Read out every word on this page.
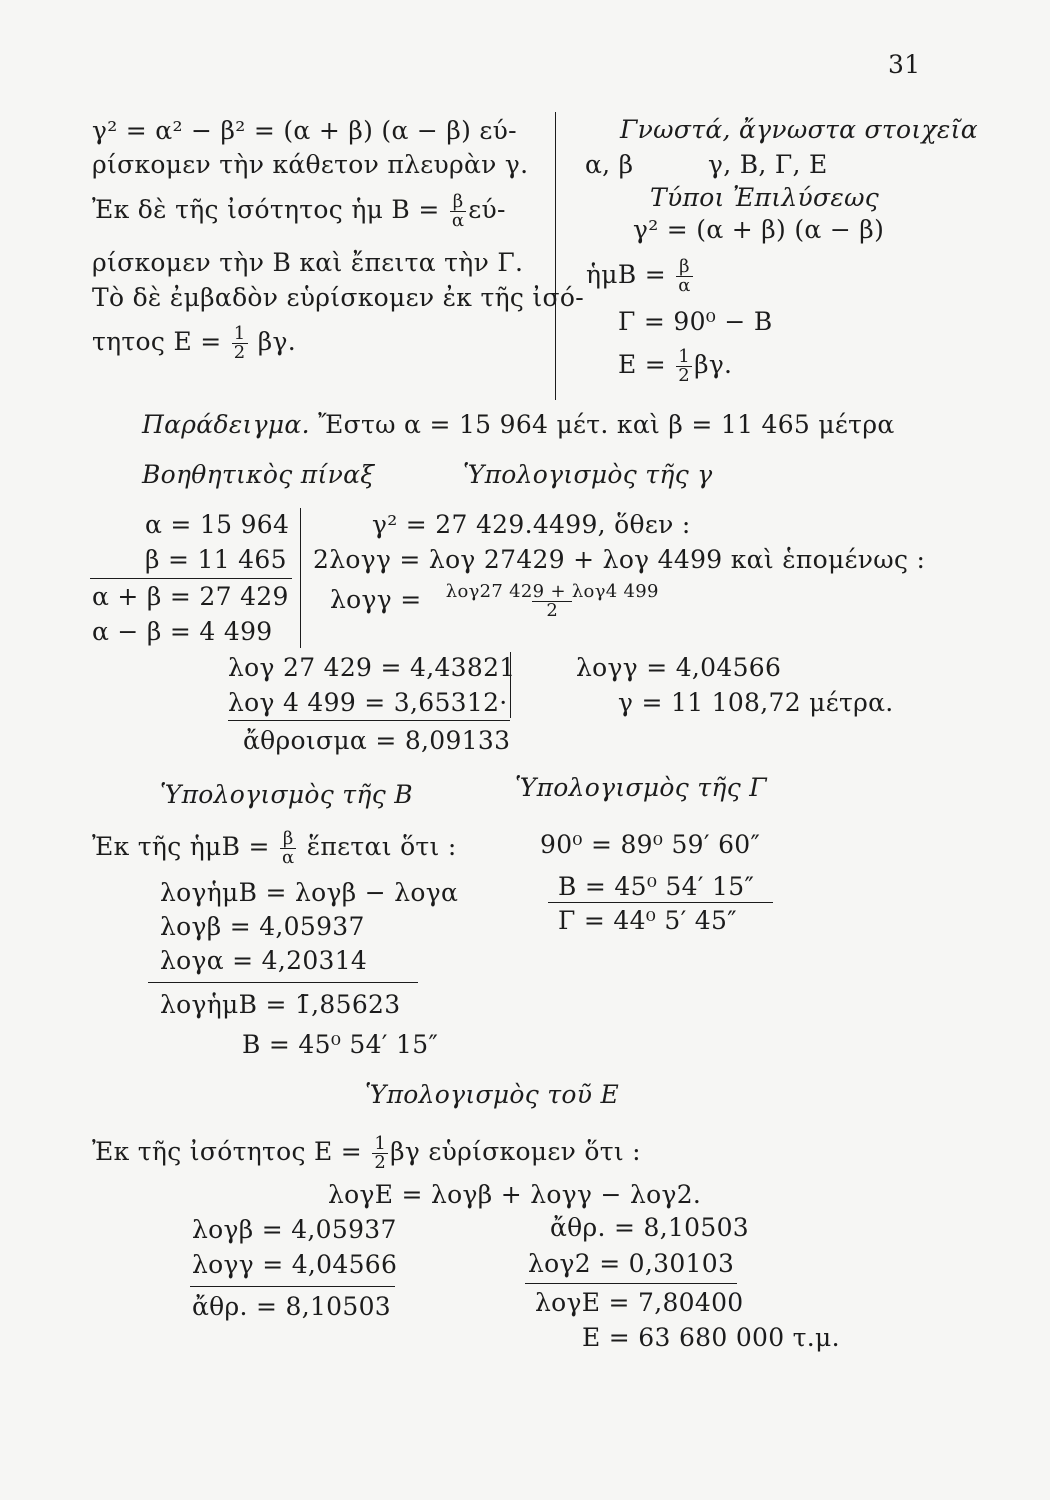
31
γ² = α² − β² = (α + β) (α − β) εύ-
ρίσκομεν τὴν κάθετον πλευρὰν γ.
Ἐκ δὲ τῆς ἰσότητος ἡμ $B = \frac{\beta}{\alpha} \varepsilon ύ-$
ρίσκομεν τὴν Β καὶ ἔπειτα τὴν Γ.
Τὸ δὲ ἐμβαδὸν εὑρίσκομεν ἐκ τῆς ἰσό-
τητος $E = \frac{1}{2} \beta\gamma$.
Γνωστά, ἄγνωστα στοιχεῖα
α, β	γ, Β, Γ, Ε
Τύποι Ἐπιλύσεως
γ² = (α + β) (α − β)
ἡμΒ = $\frac{\beta}{\alpha}$
Γ = 90⁰ − Β
$E = \frac{1}{2} \beta\gamma$.
Παράδειγμα. Ἔστω α = 15 964 μέτ. καὶ β = 11 465 μέτρα
Βοηθητικὸς πίναξ	Ὑπολογισμὸς τῆς γ
α = 15 964
β = 11 465
α + β = 27 429
α − β = 4 499
γ² = 27 429.4499, ὅθεν :
2λογγ = λογ 27429 + λογ 4499 καὶ ἑπομένως :
$\lambda o\gamma\gamma = \frac{\text{λογ27 429 + λογ4 499}}{2}$
λογ 27 429 = 4,43821
λογ 4 499 = 3,65312·
ἄθροισμα = 8,09133
λογγ = 4,04566
γ = 11 108,72 μέτρα.
Ὑπολογισμὸς τῆς Β
Ἐκ τῆς ἡμΒ = $\frac{\beta}{\alpha}$ ἕπεται ὅτι :
λογἡμΒ = λογβ − λογα
λογβ = 4,05937
λογα = 4,20314
λογἡμΒ = 1̄,85623
Β = 45⁰ 54′ 15″
Ὑπολογισμὸς τῆς Γ
90⁰ = 89⁰ 59′ 60″
Β = 45⁰ 54′ 15″
Γ = 44⁰ 5′ 45″
Ὑπολογισμὸς τοῦ Ε
Ἐκ τῆς ἰσότητος $E = \frac{1}{2}$ βγ εὑρίσκομεν ὅτι :
λογΕ = λογβ + λογγ − λογ2.
λογβ = 4,05937
λογγ = 4,04566
ἄθρ. = 8,10503
ἄθρ. = 8,10503
λογ2 = 0,30103
λογΕ = 7,80400
Ε = 63 680 000 τ.μ.
